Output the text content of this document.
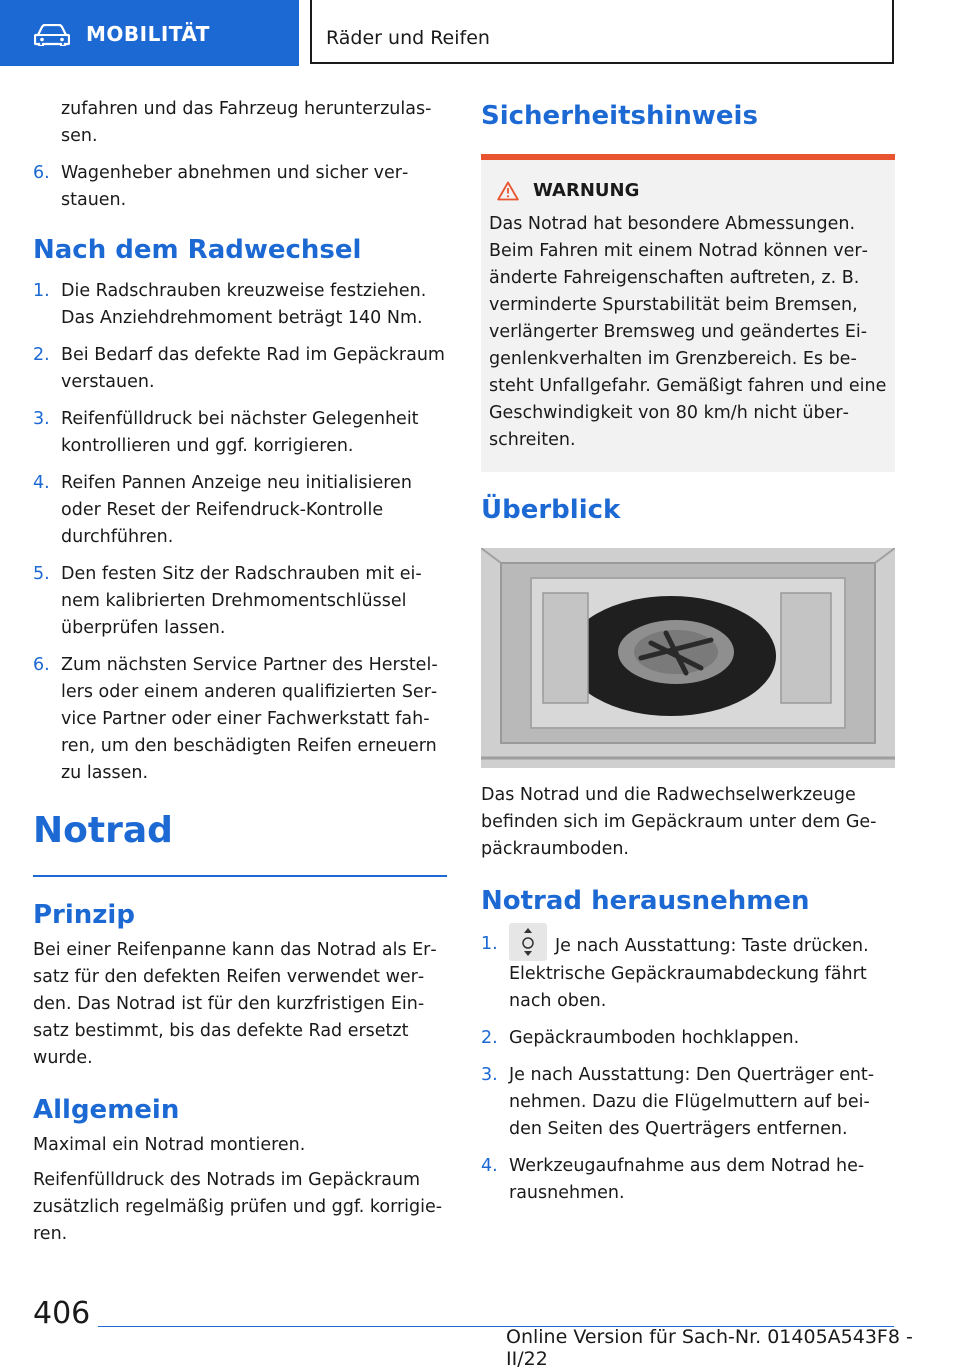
MOBILITÄT	Räder und Reifen

zufahren und das Fahrzeug herunterzulassen.

6. Wagenheber abnehmen und sicher verstauen.
Nach dem Radwechsel
1. Die Radschrauben kreuzweise festziehen. Das Anziehdrehmoment beträgt 140 Nm.
2. Bei Bedarf das defekte Rad im Gepäckraum verstauen.
3. Reifenfülldruck bei nächster Gelegenheit kontrollieren und ggf. korrigieren.
4. Reifen Pannen Anzeige neu initialisieren oder Reset der Reifendruck-Kontrolle durchführen.
5. Den festen Sitz der Radschrauben mit einem kalibrierten Drehmomentschlüssel überprüfen lassen.
6. Zum nächsten Service Partner des Herstellers oder einem anderen qualifizierten Service Partner oder einer Fachwerkstatt fahren, um den beschädigten Reifen erneuern zu lassen.
Notrad
Prinzip

Bei einer Reifenpanne kann das Notrad als Ersatz für den defekten Reifen verwendet werden. Das Notrad ist für den kurzfristigen Einsatz bestimmt, bis das defekte Rad ersetzt wurde.

Allgemein

Maximal ein Notrad montieren.

Reifenfülldruck des Notrads im Gepäckraum zusätzlich regelmäßig prüfen und ggf. korrigieren.

Sicherheitshinweis
WARNUNG

Das Notrad hat besondere Abmessungen. Beim Fahren mit einem Notrad können veränderte Fahreigenschaften auftreten, z. B. verminderte Spurstabilität beim Bremsen, verlängerter Bremsweg und geändertes Eigenlenkverhalten im Grenzbereich. Es besteht Unfallgefahr. Gemäßigt fahren und eine Geschwindigkeit von 80 km/h nicht überschreiten.

Überblick

Das Notrad und die Radwechselwerkzeuge befinden sich im Gepäckraum unter dem Gepäckraumboden.

Notrad herausnehmen
1.	Je nach Ausstattung: Taste drücken. Elektrische Gepäckraumabdeckung fährt nach oben.
2. Gepäckraumboden hochklappen.
3. Je nach Ausstattung: Den Querträger entnehmen. Dazu die Flügelmuttern auf beiden Seiten des Querträgers entfernen.
4. Werkzeugaufnahme aus dem Notrad herausnehmen.
406
Online Version für Sach-Nr. 01405A543F8 - II/22
